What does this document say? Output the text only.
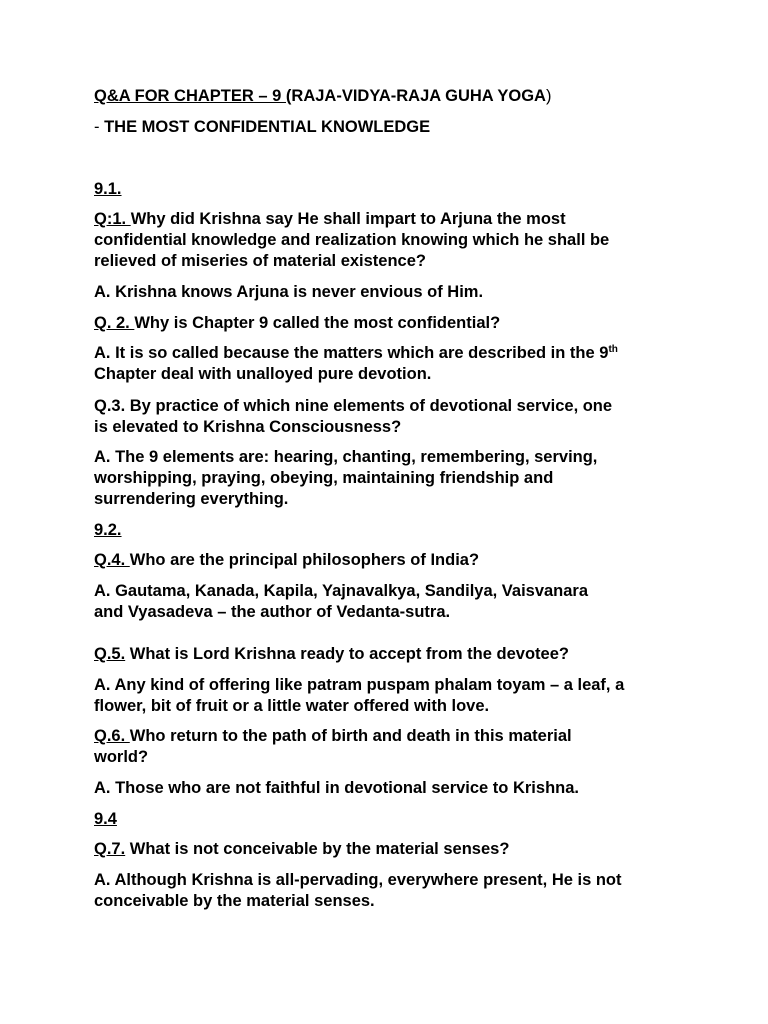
Q&A FOR CHAPTER – 9 (RAJA-VIDYA-RAJA GUHA YOGA)
- THE MOST CONFIDENTIAL KNOWLEDGE
9.1.
Q:1. Why did Krishna say He shall impart to Arjuna the most
confidential knowledge and realization knowing which he shall be
relieved of miseries of material existence?
A. Krishna knows Arjuna is never envious of Him.
Q. 2. Why is Chapter 9 called the most confidential?
A. It is so called because the matters which are described in the 9th
Chapter deal with unalloyed pure devotion.
Q.3. By practice of which nine elements of devotional service, one
is elevated to Krishna Consciousness?
A. The 9 elements are: hearing, chanting, remembering, serving,
worshipping, praying, obeying, maintaining friendship and
surrendering everything.
9.2.
Q.4. Who are the principal philosophers of India?
A. Gautama, Kanada, Kapila, Yajnavalkya, Sandilya, Vaisvanara
and Vyasadeva – the author of Vedanta-sutra.
Q.5. What is Lord Krishna ready to accept from the devotee?
A. Any kind of offering like patram puspam phalam toyam – a leaf, a
flower, bit of fruit or a little water offered with love.
Q.6. Who return to the path of birth and death in this material
world?
A. Those who are not faithful in devotional service to Krishna.
9.4
Q.7. What is not conceivable by the material senses?
A. Although Krishna is all-pervading, everywhere present, He is not
conceivable by the material senses.
